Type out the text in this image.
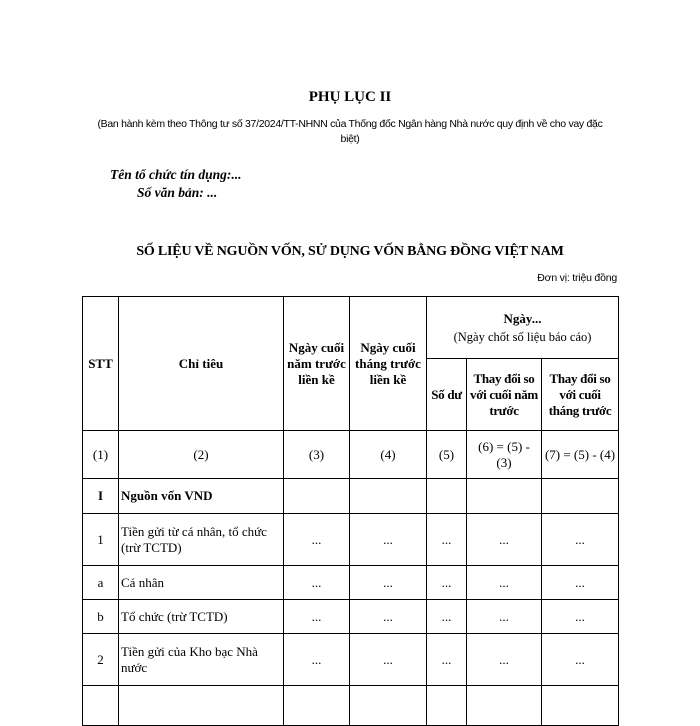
PHỤ LỤC II
(Ban hành kèm theo Thông tư số 37/2024/TT-NHNN của Thống đốc Ngân hàng Nhà nước quy định về cho vay đặc biệt)
Tên tổ chức tín dụng:...
Số văn bản: ...
SỐ LIỆU VỀ NGUỒN VỐN, SỬ DỤNG VỐN BẰNG ĐỒNG VIỆT NAM
Đơn vị: triệu đồng
STT	Chỉ tiêu	Ngày cuối năm trước liền kề	Ngày cuối tháng trước liền kề	Ngày...
(Ngày chốt số liệu báo cáo)		

				Số dư	Thay đổi so với cuối năm trước	Thay đổi so với cuối tháng trước
(1)	(2)	(3)	(4)	(5)	(6) = (5) - (3)	(7) = (5) - (4)
I	Nguồn vốn VND					
1	Tiền gửi từ cá nhân, tổ chức (trừ TCTD)	...	...	...	...	...
a	Cá nhân	...	...	...	...	...
b	Tổ chức (trừ TCTD)	...	...	...	...	...
2	Tiền gửi của Kho bạc Nhà nước	...	...	...	...	...
